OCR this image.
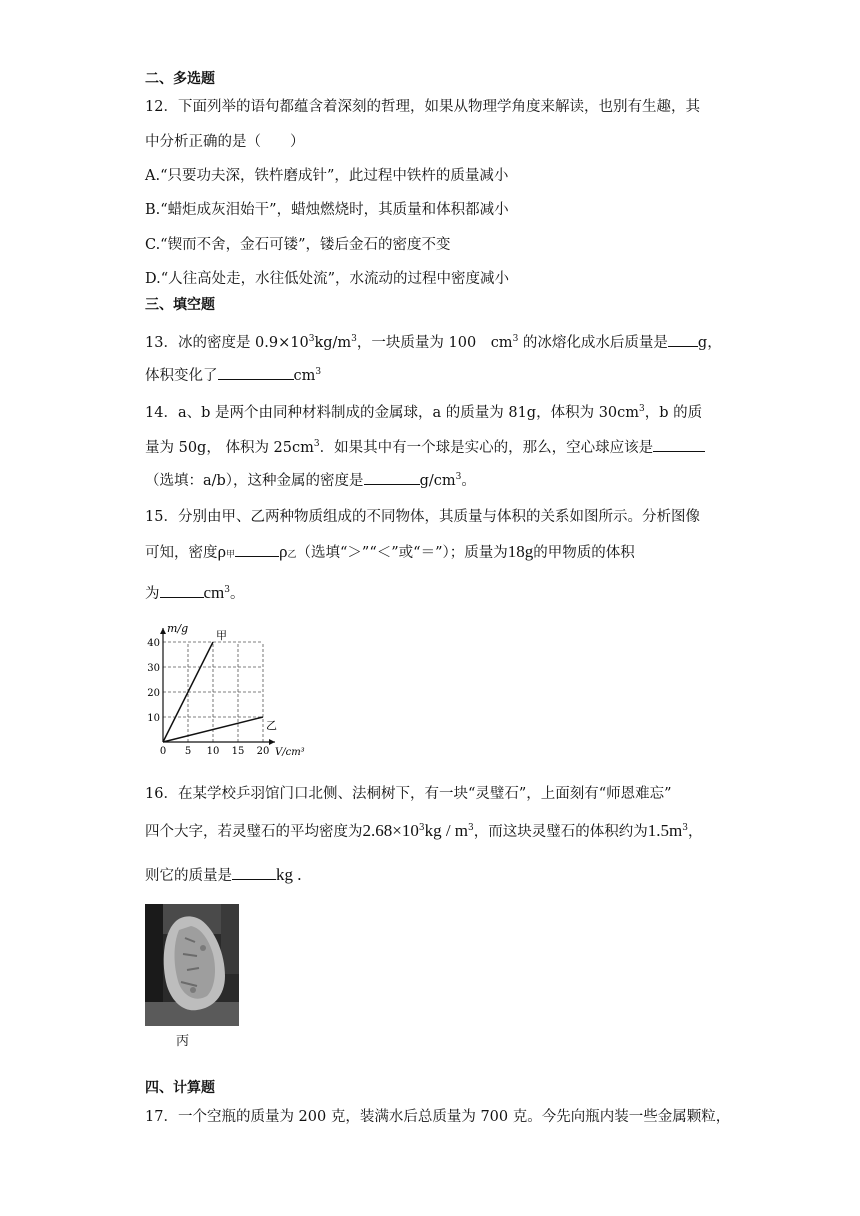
二、多选题
12．下面列举的语句都蕴含着深刻的哲理，如果从物理学角度来解读，也别有生趣，其
中分析正确的是（　　）
A.“只要功夫深，铁杵磨成针”，此过程中铁杵的质量减小
B.“蜡炬成灰泪始干”，蜡烛燃烧时，其质量和体积都减小
C.“锲而不舍，金石可镂”，镂后金石的密度不变
D.“人往高处走，水往低处流”，水流动的过程中密度减小
三、填空题
13．冰的密度是 $0.9\times 10^3kg/m^3$，一块质量为 100　$cm^3$ 的冰熔化成水后质量是 g，
体积变化了	$cm^3$
14．a、b 是两个由同种材料制成的金属球，a 的质量为 81g，体积为 $30cm^3$，b 的质
量为 50g， 体积为 $25cm^3$．如果其中有一个球是实心的，那么，空心球应该是
（选填：a/b），这种金属的密度是	$g/cm^3$。
15．分别由甲、乙两种物质组成的不同物体，其质量与体积的关系如图所示。分析图像
可知，密度ρ甲	ρ乙（选填“＞”“＜”或“＝”）；质量为18g的甲物质的体积
为	$cm^3$。
0 5 10 15 20
10
20
30
40
甲
乙
m/g
V/cm³
16．在某学校乒羽馆门口北侧、法桐树下，有一块“灵璧石”，上面刻有“师恩难忘”
四个大字，若灵璧石的平均密度为$2.68\times 10^3kg / m^3$，而这块灵璧石的体积约为$1.5m^3$，
则它的质量是	kg .
丙
四、计算题
17．一个空瓶的质量为 200 克，装满水后总质量为 700 克。今先向瓶内装一些金属颗粒，
